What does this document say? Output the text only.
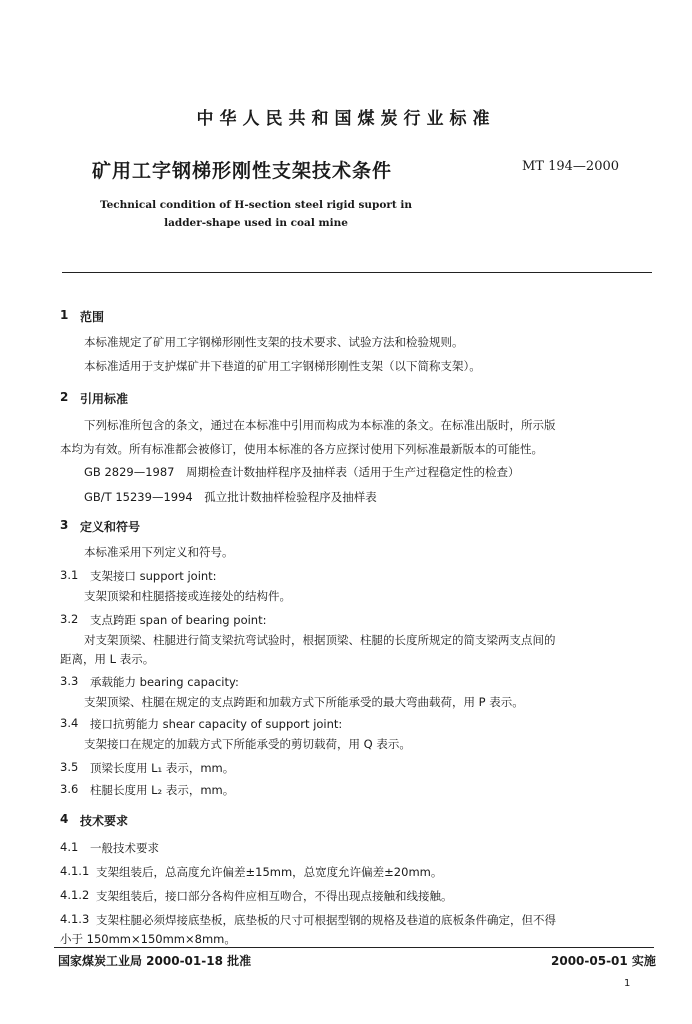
中华人民共和国煤炭行业标准
矿用工字钢梯形刚性支架技术条件	MT 194—2000
Technical condition of H-section steel rigid suport in
ladder-shape used in coal mine
1 范围
本标准规定了矿用工字钢梯形刚性支架的技术要求、试验方法和检验规则。
本标准适用于支护煤矿井下巷道的矿用工字钢梯形刚性支架（以下简称支架）。
2 引用标准
下列标准所包含的条文，通过在本标准中引用而构成为本标准的条文。在标准出版时，所示版
本均为有效。所有标准都会被修订，使用本标准的各方应探讨使用下列标准最新版本的可能性。
GB 2829—1987　周期检查计数抽样程序及抽样表（适用于生产过程稳定性的检查）
GB/T 15239—1994　孤立批计数抽样检验程序及抽样表
3 定义和符号
本标准采用下列定义和符号。
3.1 支架接口 support joint:
支架顶梁和柱腿搭接或连接处的结构件。
3.2 支点跨距 span of bearing point:
对支架顶梁、柱腿进行简支梁抗弯试验时，根据顶梁、柱腿的长度所规定的简支梁两支点间的
距离，用 L 表示。
3.3 承载能力 bearing capacity:
支架顶梁、柱腿在规定的支点跨距和加载方式下所能承受的最大弯曲载荷，用 P 表示。
3.4 接口抗剪能力 shear capacity of support joint:
支架接口在规定的加载方式下所能承受的剪切载荷，用 Q 表示。
3.5 顶梁长度用 L₁ 表示，mm。
3.6 柱腿长度用 L₂ 表示，mm。
4 技术要求
4.1 一般技术要求
4.1.1 支架组装后，总高度允许偏差±15mm，总宽度允许偏差±20mm。
4.1.2 支架组装后，接口部分各构件应相互吻合，不得出现点接触和线接触。
4.1.3 支架柱腿必须焊接底垫板，底垫板的尺寸可根据型钢的规格及巷道的底板条件确定，但不得
小于 150mm×150mm×8mm。
国家煤炭工业局 2000-01-18 批准	2000-05-01 实施
1
